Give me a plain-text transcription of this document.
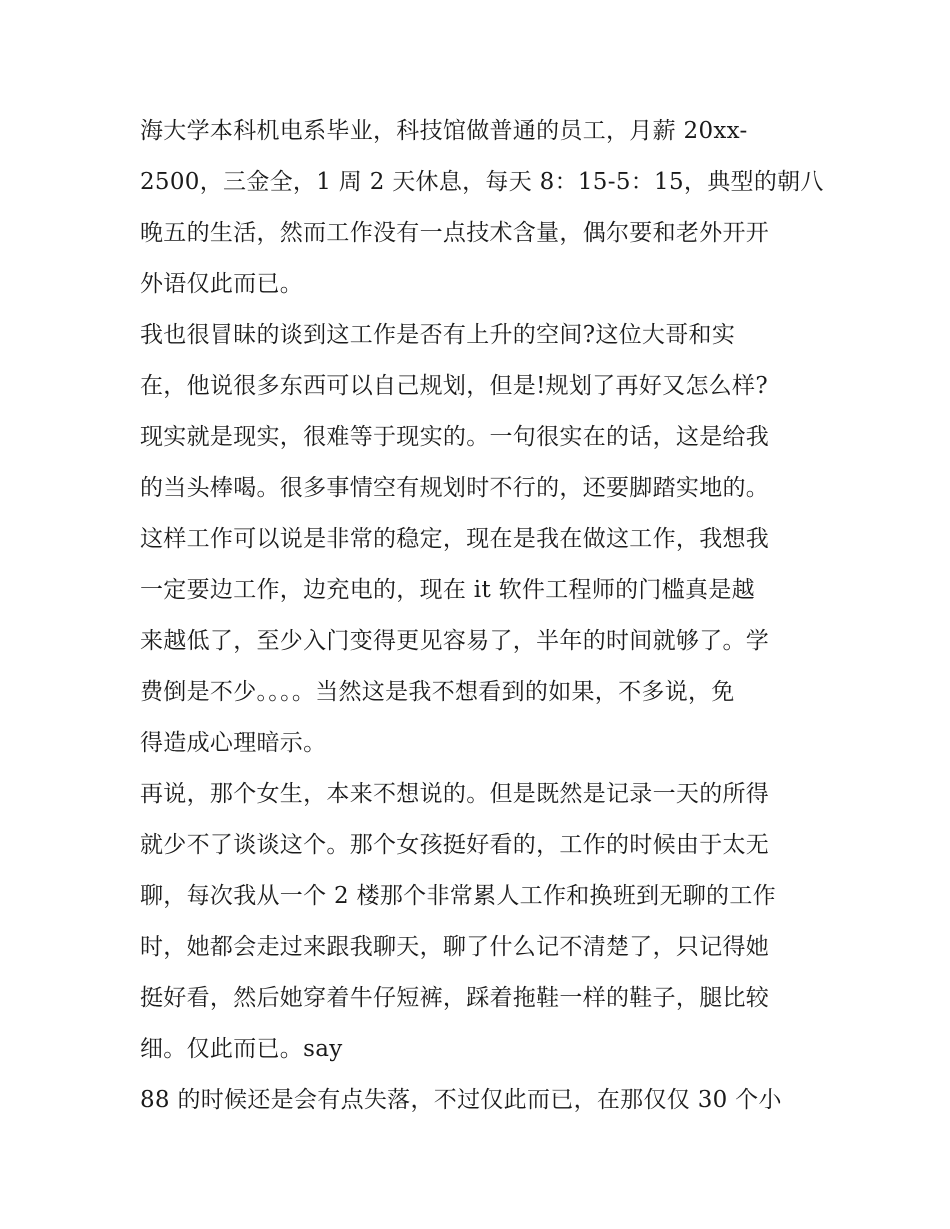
海大学本科机电系毕业，科技馆做普通的员工，月薪 20xx-
2500，三金全，1 周 2 天休息，每天 8：15-5：15，典型的朝八
晚五的生活，然而工作没有一点技术含量，偶尔要和老外开开
外语仅此而已。
我也很冒昧的谈到这工作是否有上升的空间?这位大哥和实
在，他说很多东西可以自己规划，但是!规划了再好又怎么样?
现实就是现实，很难等于现实的。一句很实在的话，这是给我
的当头棒喝。很多事情空有规划时不行的，还要脚踏实地的。
这样工作可以说是非常的稳定，现在是我在做这工作，我想我
一定要边工作，边充电的，现在 it 软件工程师的门槛真是越
来越低了，至少入门变得更见容易了，半年的时间就够了。学
费倒是不少。。。。当然这是我不想看到的如果，不多说，免
得造成心理暗示。
再说，那个女生，本来不想说的。但是既然是记录一天的所得
就少不了谈谈这个。那个女孩挺好看的，工作的时候由于太无
聊，每次我从一个 2 楼那个非常累人工作和换班到无聊的工作
时，她都会走过来跟我聊天，聊了什么记不清楚了，只记得她
挺好看，然后她穿着牛仔短裤，踩着拖鞋一样的鞋子，腿比较
细。仅此而已。say
88 的时候还是会有点失落，不过仅此而已，在那仅仅 30 个小
